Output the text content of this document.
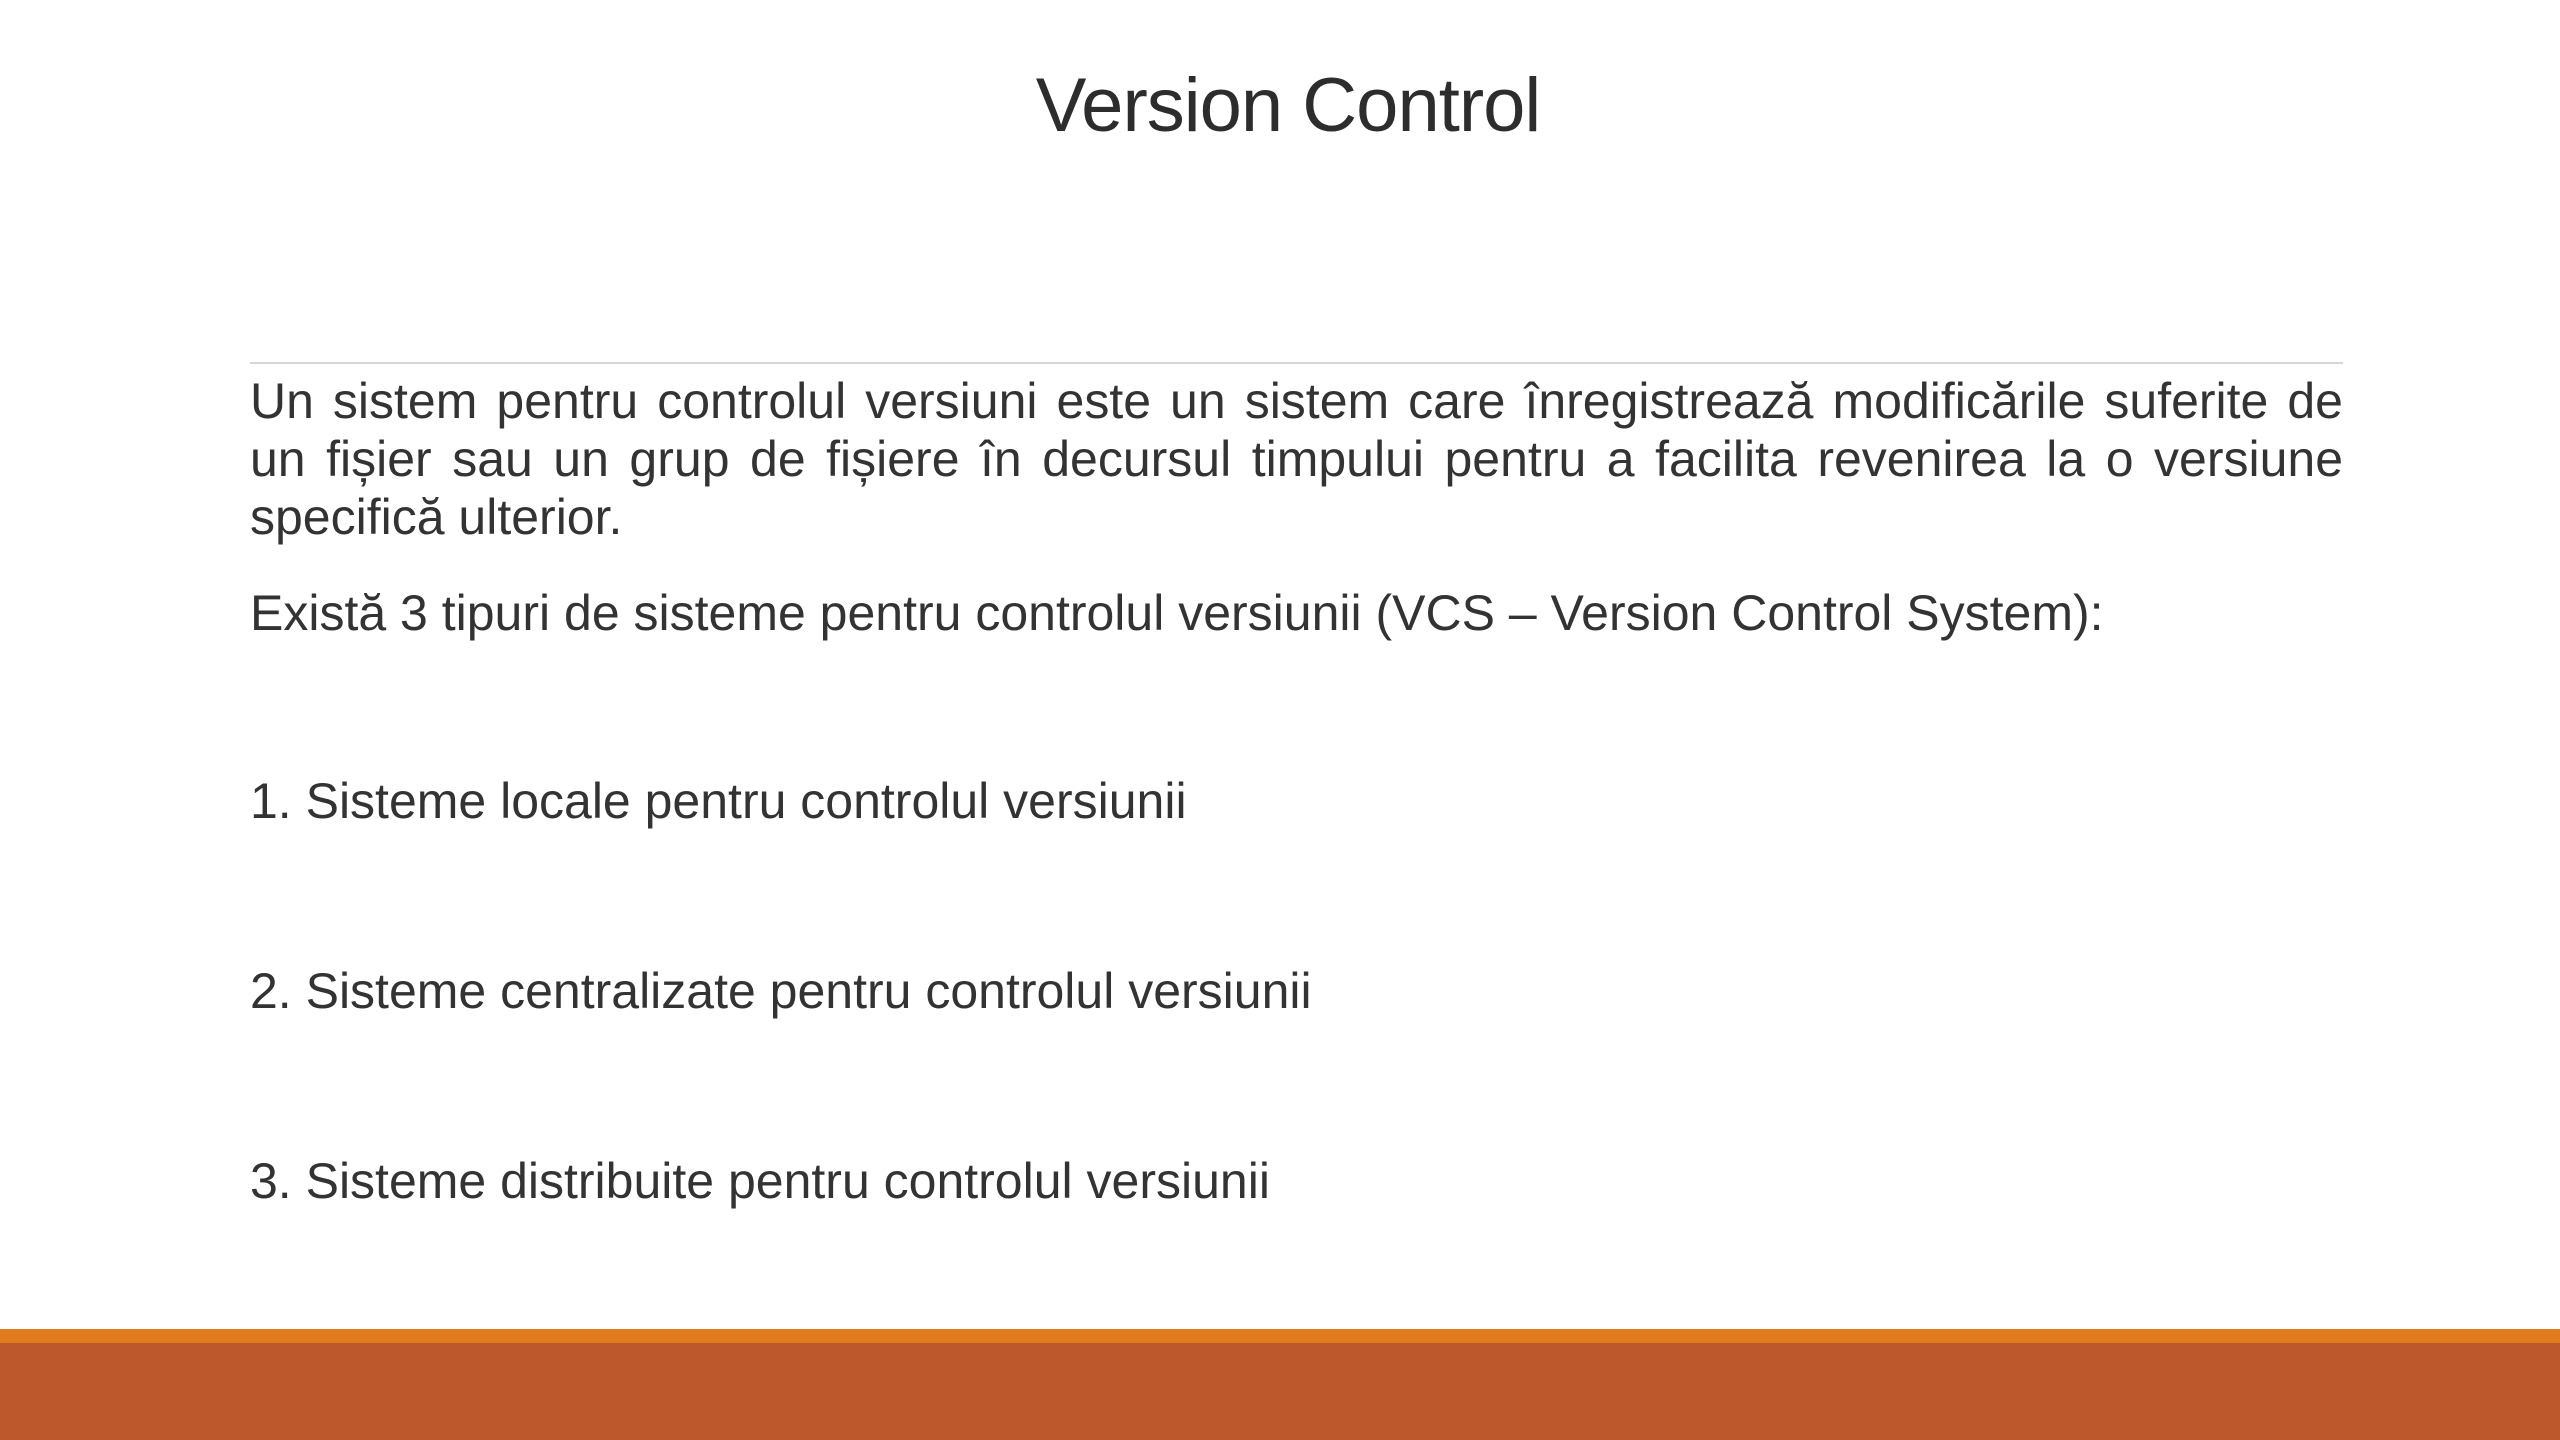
Version Control

Un sistem pentru controlul versiuni este un sistem care înregistrează modificările suferite de un fișier sau un grup de fișiere în decursul timpului pentru a facilita revenirea la o versiune specifică ulterior.

Există 3 tipuri de sisteme pentru controlul versiunii (VCS – Version Control System):

1. Sisteme locale pentru controlul versiunii
2. Sisteme centralizate pentru controlul versiunii
3. Sisteme distribuite pentru controlul versiunii
